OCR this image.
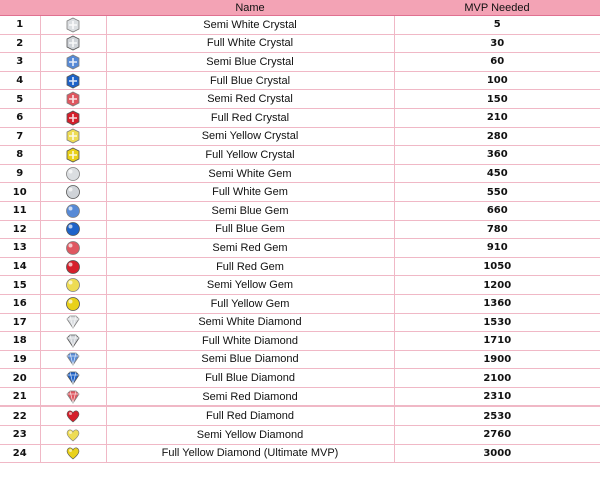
		Name	MVP Needed
1		Semi White Crystal	5
2		Full White Crystal	30
3		Semi Blue Crystal	60
4		Full Blue Crystal	100
5		Semi Red Crystal	150
6		Full Red Crystal	210
7		Semi Yellow Crystal	280
8		Full Yellow Crystal	360
9		Semi White Gem	450
10		Full White Gem	550
11		Semi Blue Gem	660
12		Full Blue Gem	780
13		Semi Red Gem	910
14		Full Red Gem	1050
15		Semi Yellow Gem	1200
16		Full Yellow Gem	1360
17		Semi White Diamond	1530
18		Full White Diamond	1710
19		Semi Blue Diamond	1900
20		Full Blue Diamond	2100
21		Semi Red Diamond	2310
22		Full Red Diamond	2530
23		Semi Yellow Diamond	2760
24		Full Yellow Diamond (Ultimate MVP)	3000
